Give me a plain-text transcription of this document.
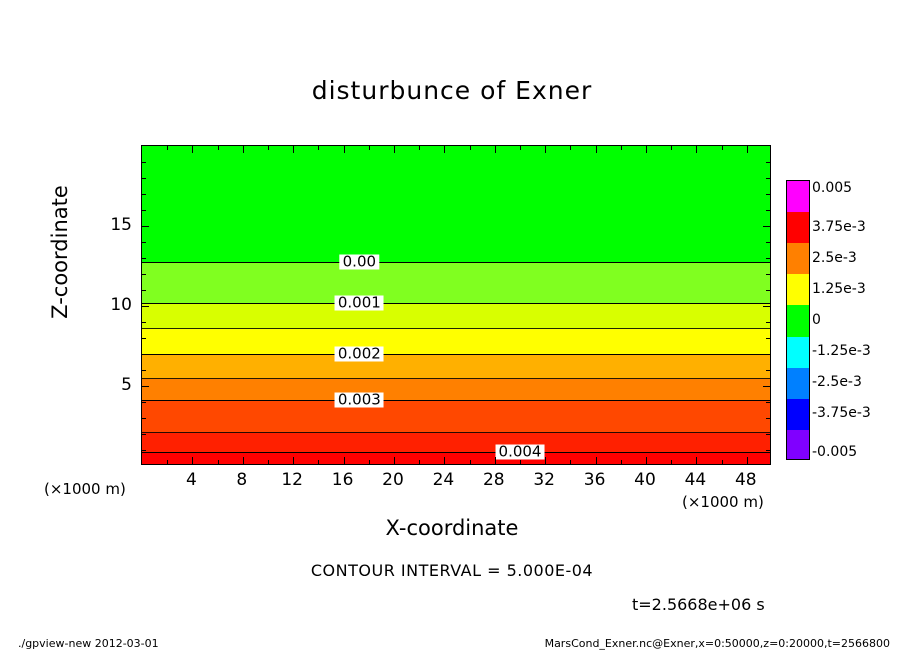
disturbunce of Exner
0.00
0.001
0.002
0.003
0.004
4 8 12 16 20 24 28 32 36 40 44 48
5
10
15
X-coordinate
Z-coordinate
(×1000 m)
(×1000 m)
0.005
3.75e-3
2.5e-3
1.25e-3
0
-1.25e-3
-2.5e-3
-3.75e-3
-0.005
CONTOUR INTERVAL = 5.000E-04
t=2.5668e+06 s
./gpview-new 2012-03-01	MarsCond_Exner.nc@Exner,x=0:50000,z=0:20000,t=2566800
